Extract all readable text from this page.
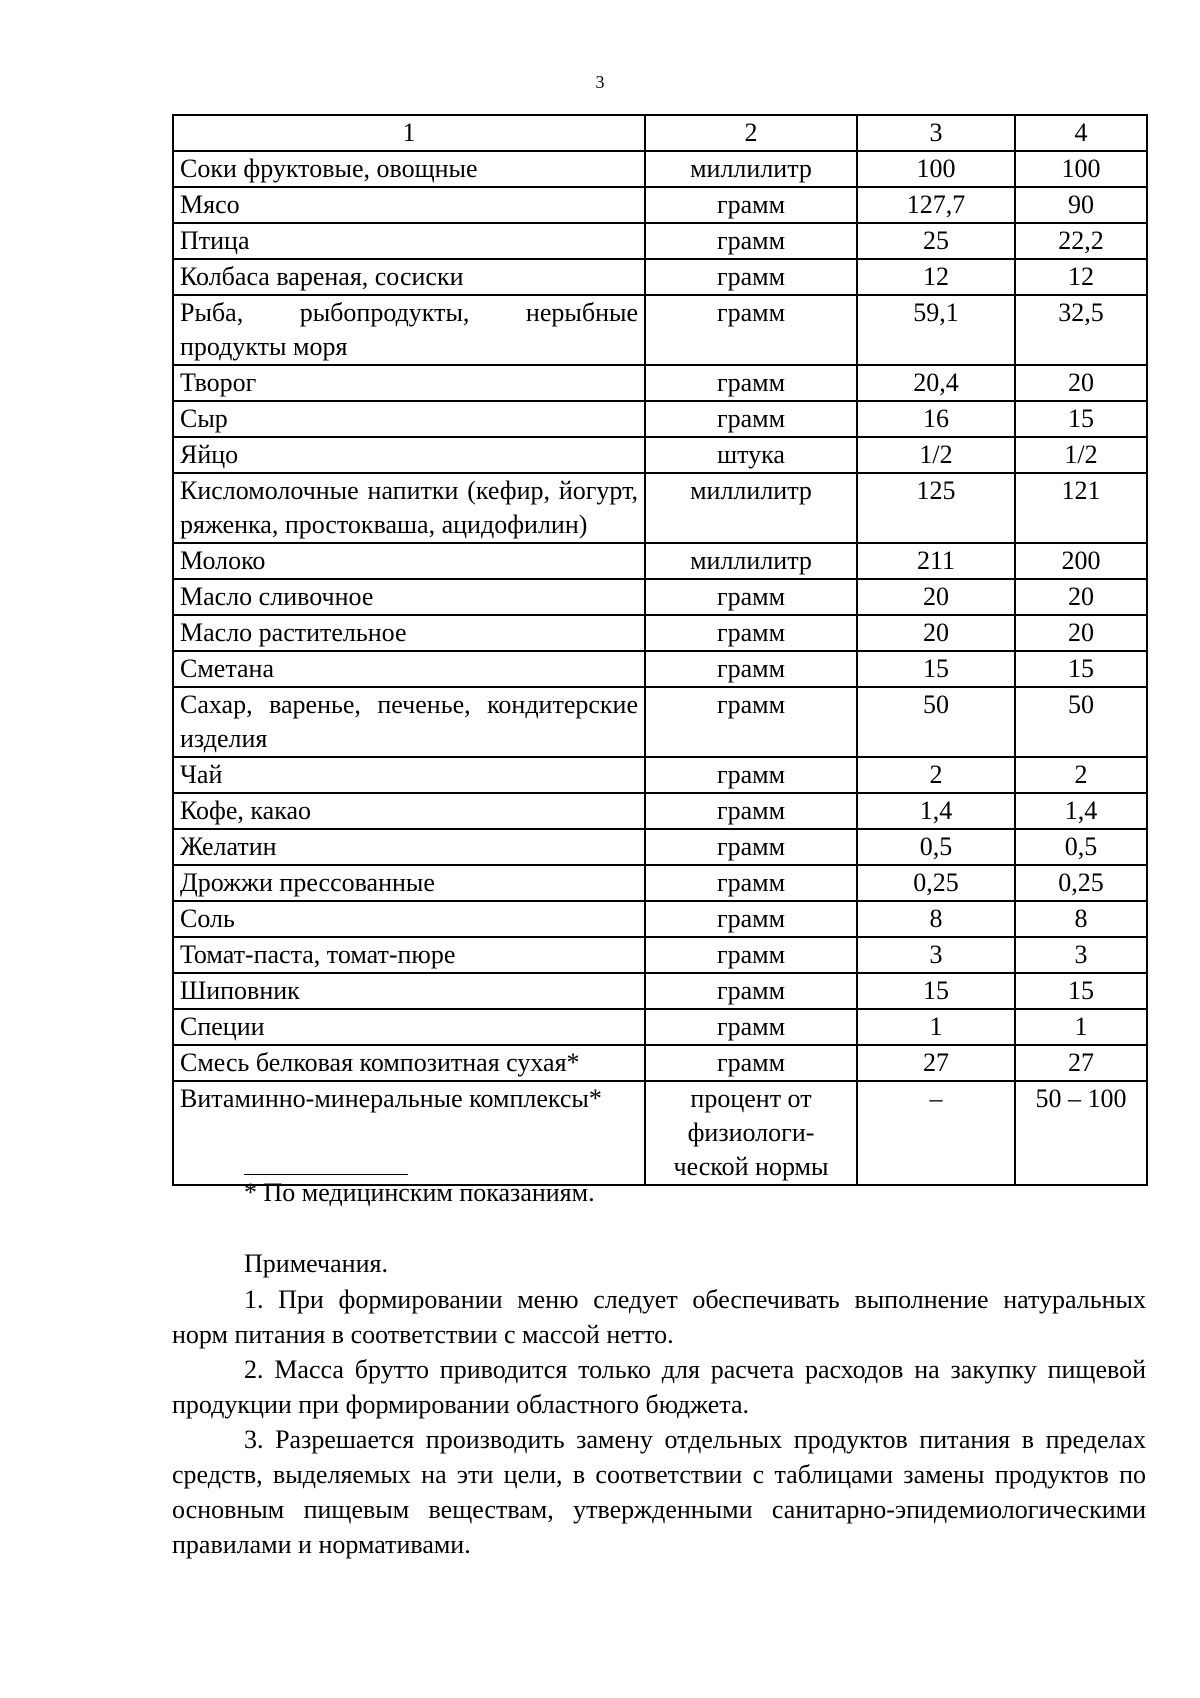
3
1	2	3	4
Соки фруктовые, овощные	миллилитр	100	100
Мясо	грамм	127,7	90
Птица	грамм	25	22,2
Колбаса вареная, сосиски	грамм	12	12
Рыба, рыбопродукты, нерыбные продукты моря	грамм	59,1	32,5
Творог	грамм	20,4	20
Сыр	грамм	16	15
Яйцо	штука	1/2	1/2
Кисломолочные напитки (кефир, йогурт, ряженка, простокваша, ацидофилин)	миллилитр	125	121
Молоко	миллилитр	211	200
Масло сливочное	грамм	20	20
Масло растительное	грамм	20	20
Сметана	грамм	15	15
Сахар, варенье, печенье, кондитерские изделия	грамм	50	50
Чай	грамм	2	2
Кофе, какао	грамм	1,4	1,4
Желатин	грамм	0,5	0,5
Дрожжи прессованные	грамм	0,25	0,25
Соль	грамм	8	8
Томат-паста, томат-пюре	грамм	3	3
Шиповник	грамм	15	15
Специи	грамм	1	1
Смесь белковая композитная сухая*	грамм	27	27
Витаминно-минеральные комплексы*	процент от физиологи-ческой нормы	–	50 – 100
* По медицинским показаниям.

Примечания.

1. При формировании меню следует обеспечивать выполнение натуральных норм питания в соответствии с массой нетто.

2. Масса брутто приводится только для расчета расходов на закупку пищевой продукции при формировании областного бюджета.

3. Разрешается производить замену отдельных продуктов питания в пределах средств, выделяемых на эти цели, в соответствии с таблицами замены продуктов по основным пищевым веществам, утвержденными санитарно-эпидемиологическими правилами и нормативами.
